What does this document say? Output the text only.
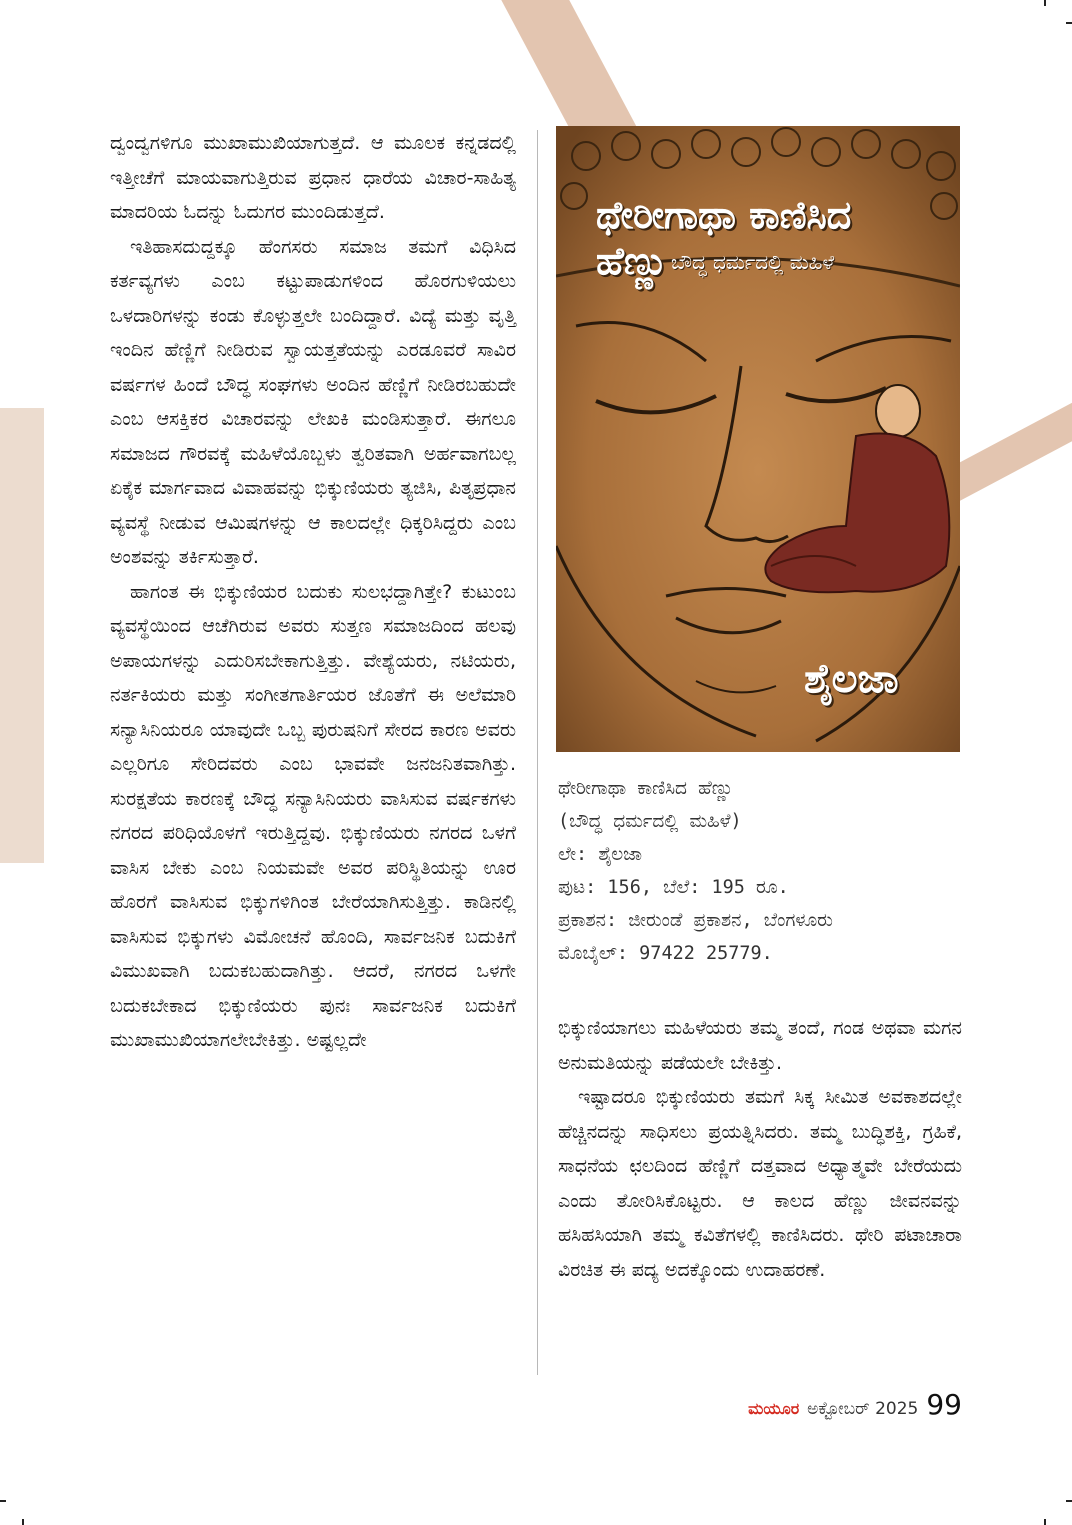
ದ್ವಂದ್ವಗಳಿಗೂ ಮುಖಾಮುಖಿಯಾಗುತ್ತದೆ. ಆ ಮೂಲಕ ಕನ್ನಡದಲ್ಲಿ ಇತ್ತೀಚೆಗೆ ಮಾಯವಾಗುತ್ತಿರುವ ಪ್ರಧಾನ ಧಾರೆಯ ವಿಚಾರ-ಸಾಹಿತ್ಯ ಮಾದರಿಯ ಓದನ್ನು ಓದುಗರ ಮುಂದಿಡುತ್ತದೆ.

ಇತಿಹಾಸದುದ್ದಕ್ಕೂ ಹೆಂಗಸರು ಸಮಾಜ ತಮಗೆ ವಿಧಿಸಿದ ಕರ್ತವ್ಯಗಳು ಎಂಬ ಕಟ್ಟುಪಾಡುಗಳಿಂದ ಹೊರಗುಳಿಯಲು ಒಳದಾರಿಗಳನ್ನು ಕಂಡು ಕೊಳ್ಳುತ್ತಲೇ ಬಂದಿದ್ದಾರೆ. ವಿದ್ಯೆ ಮತ್ತು ವೃತ್ತಿ ಇಂದಿನ ಹೆಣ್ಣಿಗೆ ನೀಡಿರುವ ಸ್ವಾಯತ್ತತೆಯನ್ನು ಎರಡೂವರೆ ಸಾವಿರ ವರ್ಷಗಳ ಹಿಂದೆ ಬೌದ್ಧ ಸಂಘಗಳು ಅಂದಿನ ಹೆಣ್ಣಿಗೆ ನೀಡಿರಬಹುದೇ ಎಂಬ ಆಸಕ್ತಿಕರ ವಿಚಾರವನ್ನು ಲೇಖಕಿ ಮಂಡಿಸುತ್ತಾರೆ. ಈಗಲೂ ಸಮಾಜದ ಗೌರವಕ್ಕೆ ಮಹಿಳೆಯೊಬ್ಬಳು ತ್ವರಿತವಾಗಿ ಅರ್ಹವಾಗಬಲ್ಲ ಏಕೈಕ ಮಾರ್ಗವಾದ ವಿವಾಹವನ್ನು ಭಿಕ್ಕುಣಿಯರು ತ್ಯಜಿಸಿ, ಪಿತೃಪ್ರಧಾನ ವ್ಯವಸ್ಥೆ ನೀಡುವ ಆಮಿಷಗಳನ್ನು ಆ ಕಾಲದಲ್ಲೇ ಧಿಕ್ಕರಿಸಿದ್ದರು ಎಂಬ ಅಂಶವನ್ನು ತರ್ಕಿಸುತ್ತಾರೆ.

ಹಾಗಂತ ಈ ಭಿಕ್ಕುಣಿಯರ ಬದುಕು ಸುಲಭದ್ದಾಗಿತ್ತೇ? ಕುಟುಂಬ ವ್ಯವಸ್ಥೆಯಿಂದ ಆಚೆಗಿರುವ ಅವರು ಸುತ್ತಣ ಸಮಾಜದಿಂದ ಹಲವು ಅಪಾಯಗಳನ್ನು ಎದುರಿಸಬೇಕಾಗುತ್ತಿತ್ತು. ವೇಶ್ಯೆಯರು, ನಟಿಯರು, ನರ್ತಕಿಯರು ಮತ್ತು ಸಂಗೀತಗಾರ್ತಿಯರ ಜೊತೆಗೆ ಈ ಅಲೆಮಾರಿ ಸನ್ಯಾಸಿನಿಯರೂ ಯಾವುದೇ ಒಬ್ಬ ಪುರುಷನಿಗೆ ಸೇರದ ಕಾರಣ ಅವರು ಎಲ್ಲರಿಗೂ ಸೇರಿದವರು ಎಂಬ ಭಾವವೇ ಜನಜನಿತವಾಗಿತ್ತು. ಸುರಕ್ಷತೆಯ ಕಾರಣಕ್ಕೆ ಬೌದ್ಧ ಸನ್ಯಾಸಿನಿಯರು ವಾಸಿಸುವ ವರ್ಷಕಗಳು ನಗರದ ಪರಿಧಿಯೊಳಗೆ ಇರುತ್ತಿದ್ದವು. ಭಿಕ್ಕುಣಿಯರು ನಗರದ ಒಳಗೆ ವಾಸಿಸ ಬೇಕು ಎಂಬ ನಿಯಮವೇ ಅವರ ಪರಿಸ್ಥಿತಿಯನ್ನು ಊರ ಹೊರಗೆ ವಾಸಿಸುವ ಭಿಕ್ಕುಗಳಿಗಿಂತ ಬೇರೆಯಾಗಿಸುತ್ತಿತ್ತು. ಕಾಡಿನಲ್ಲಿ ವಾಸಿಸುವ ಭಿಕ್ಕುಗಳು ವಿಮೋಚನೆ ಹೊಂದಿ, ಸಾರ್ವಜನಿಕ ಬದುಕಿಗೆ ವಿಮುಖವಾಗಿ ಬದುಕಬಹುದಾಗಿತ್ತು. ಆದರೆ, ನಗರದ ಒಳಗೇ ಬದುಕಬೇಕಾದ ಭಿಕ್ಕುಣಿಯರು ಪುನಃ ಸಾರ್ವಜನಿಕ ಬದುಕಿಗೆ ಮುಖಾಮುಖಿಯಾಗಲೇಬೇಕಿತ್ತು. ಅಷ್ಟಲ್ಲದೇ

ಥೇರೀಗಾಥಾ ಕಾಣಿಸಿದ ಹೆಣ್ಣು ಬೌದ್ಧ ಧರ್ಮದಲ್ಲಿ ಮಹಿಳೆ
ಶೈಲಜಾ
ಥೇರೀಗಾಥಾ ಕಾಣಿಸಿದ ಹೆಣ್ಣು
(ಬೌದ್ಧ ಧರ್ಮದಲ್ಲಿ ಮಹಿಳೆ)
ಲೇ: ಶೈಲಜಾ
ಪುಟ: 156, ಬೆಲೆ: 195 ರೂ.
ಪ್ರಕಾಶನ: ಜೀರುಂಡೆ ಪ್ರಕಾಶನ, ಬೆಂಗಳೂರು
ಮೊಬೈಲ್: 97422 25779.

ಭಿಕ್ಕುಣಿಯಾಗಲು ಮಹಿಳೆಯರು ತಮ್ಮ ತಂದೆ, ಗಂಡ ಅಥವಾ ಮಗನ ಅನುಮತಿಯನ್ನು ಪಡೆಯಲೇ ಬೇಕಿತ್ತು.

ಇಷ್ಟಾದರೂ ಭಿಕ್ಕುಣಿಯರು ತಮಗೆ ಸಿಕ್ಕ ಸೀಮಿತ ಅವಕಾಶದಲ್ಲೇ ಹೆಚ್ಚಿನದನ್ನು ಸಾಧಿಸಲು ಪ್ರಯತ್ನಿಸಿದರು. ತಮ್ಮ ಬುದ್ಧಿಶಕ್ತಿ, ಗ್ರಹಿಕೆ, ಸಾಧನೆಯ ಛಲದಿಂದ ಹೆಣ್ಣಿಗೆ ದತ್ತವಾದ ಅಧ್ಯಾತ್ಮವೇ ಬೇರೆಯದು ಎಂದು ತೋರಿಸಿಕೊಟ್ಟರು. ಆ ಕಾಲದ ಹೆಣ್ಣು ಜೀವನವನ್ನು ಹಸಿಹಸಿಯಾಗಿ ತಮ್ಮ ಕವಿತೆಗಳಲ್ಲಿ ಕಾಣಿಸಿದರು. ಥೇರಿ ಪಟಾಚಾರಾ ವಿರಚಿತ ಈ ಪದ್ಯ ಅದಕ್ಕೊಂದು ಉದಾಹರಣೆ.

ಮಯೂರ ಅಕ್ಟೋಬರ್ 2025 99
